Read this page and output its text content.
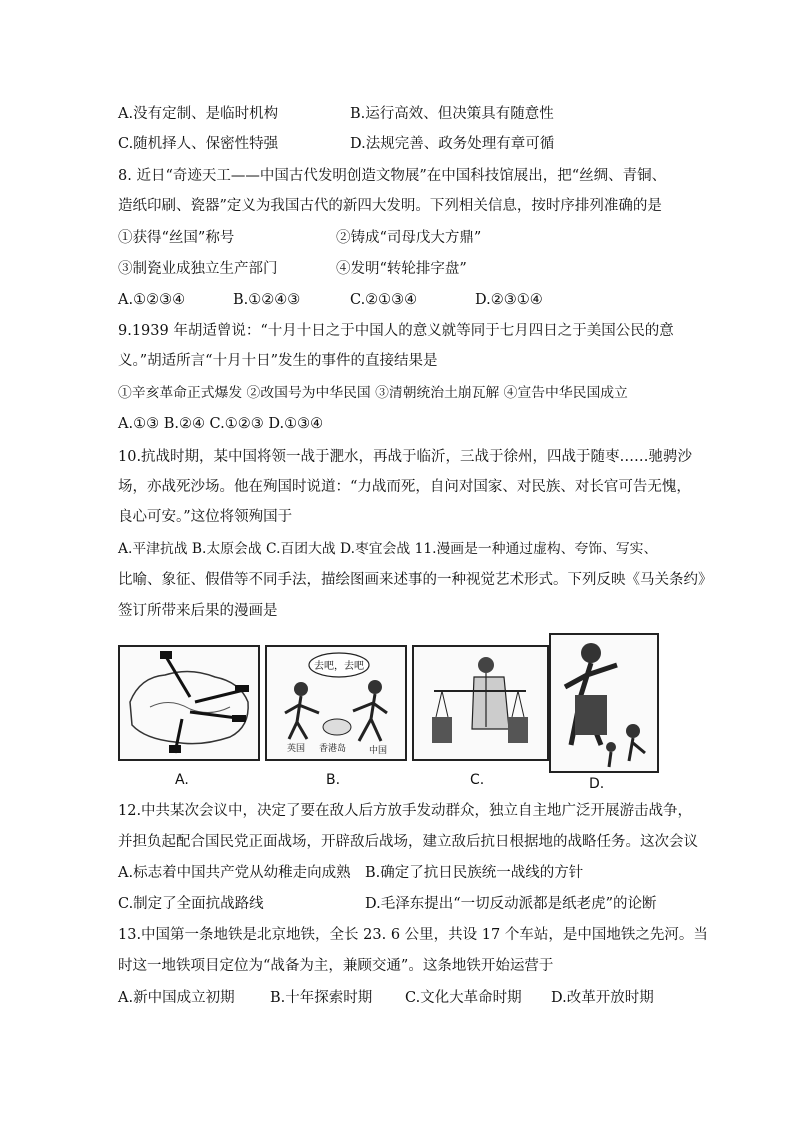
A.没有定制、是临时机构	B.运行高效、但决策具有随意性
C.随机择人、保密性特强	D.法规完善、政务处理有章可循
8. 近日“奇迹天工——中国古代发明创造文物展”在中国科技馆展出，把“丝绸、青铜、
造纸印刷、瓷器”定义为我国古代的新四大发明。下列相关信息，按时序排列准确的是
①获得“丝国”称号	②铸成“司母戊大方鼎”
③制瓷业成独立生产部门	④发明“转轮排字盘”
A.①②③④	B.①②④③	C.②①③④	D.②③①④
9.1939 年胡适曾说：“十月十日之于中国人的意义就等同于七月四日之于美国公民的意
义。”胡适所言“十月十日”发生的事件的直接结果是
①辛亥革命正式爆发 ②改国号为中华民国 ③清朝统治土崩瓦解 ④宣告中华民国成立
A.①③ B.②④ C.①②③ D.①③④
10.抗战时期，某中国将领一战于淝水，再战于临沂，三战于徐州，四战于随枣……驰骋沙
场，亦战死沙场。他在殉国时说道：“力战而死，自问对国家、对民族、对长官可告无愧，
良心可安。”这位将领殉国于
A.平津抗战 B.太原会战 C.百团大战 D.枣宜会战 11.漫画是一种通过虚构、夸饰、写实、
比喻、象征、假借等不同手法，描绘图画来述事的一种视觉艺术形式。下列反映《马关条约》
签订所带来后果的漫画是
A.
去吧，去吧
英国 香港岛	中国
B.	C.	D.
12.中共某次会议中，决定了要在敌人后方放手发动群众，独立自主地广泛开展游击战争，
并担负起配合国民党正面战场，开辟敌后战场，建立敌后抗日根据地的战略任务。这次会议
A.标志着中国共产党从幼稚走向成熟 B.确定了抗日民族统一战线的方针
C.制定了全面抗战路线	D.毛泽东提出“一切反动派都是纸老虎”的论断
13.中国第一条地铁是北京地铁，全长 23. 6 公里，共设 17 个车站，是中国地铁之先河。当
时这一地铁项目定位为“战备为主，兼顾交通”。这条地铁开始运营于
A.新中国成立初期 B.十年探索时期 C.文化大革命时期 D.改革开放时期
